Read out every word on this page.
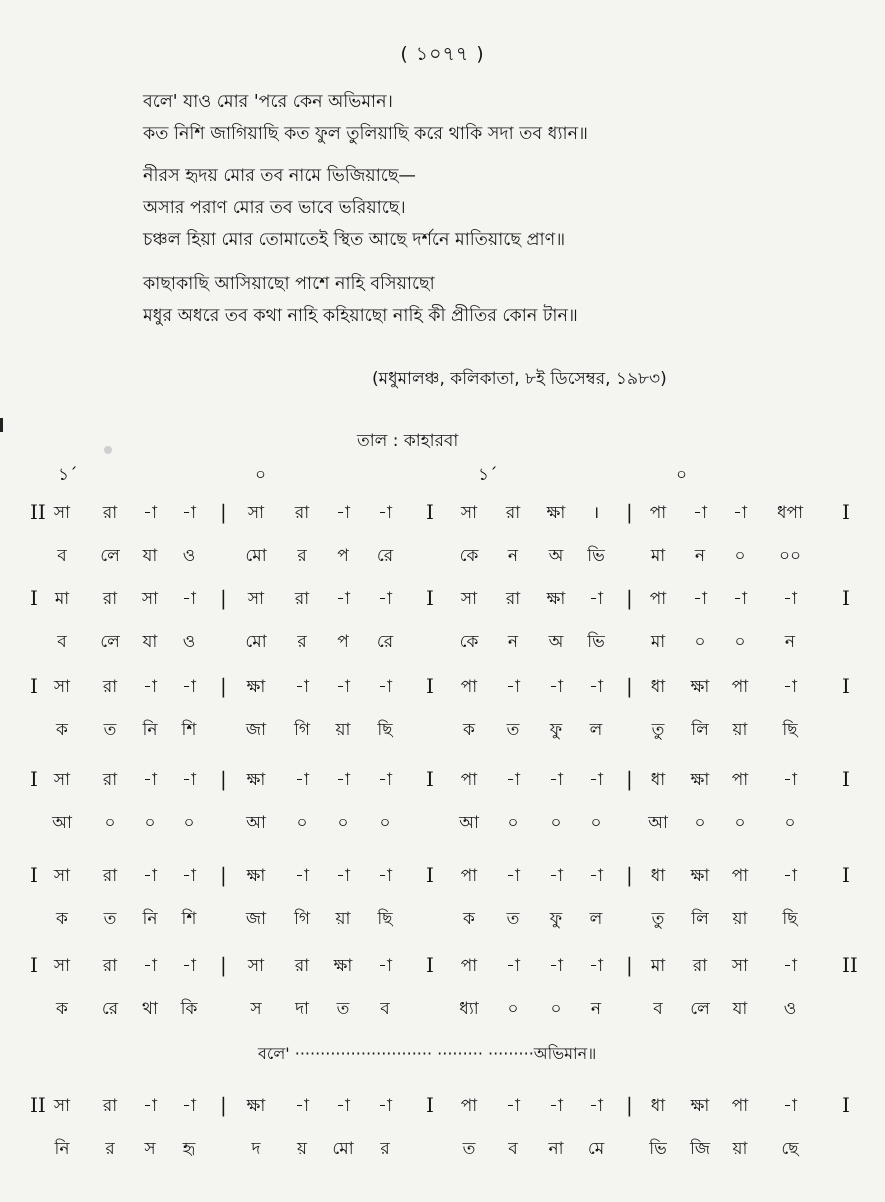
( ১০৭৭ )
বলে' যাও মোর 'পরে কেন অভিমান।
কত নিশি জাগিয়াছি কত ফুল তুলিয়াছি করে থাকি সদা তব ধ্যান॥
নীরস হৃদয় মোর তব নামে ভিজিয়াছে—
অসার পরাণ মোর তব ভাবে ভরিয়াছে।
চঞ্চল হিয়া মোর তোমাতেই স্থিত আছে দর্শনে মাতিয়াছে প্রাণ॥
কাছাকাছি আসিয়াছো পাশে নাহি বসিয়াছো
মধুর অধরে তব কথা নাহি কহিয়াছো নাহি কী প্রীতির কোন টান॥
(মধুমালঞ্চ, কলিকাতা, ৮ই ডিসেম্বর, ১৯৮৩)
তাল : কাহারবা
১´	০	১´	০
II সা	রা	-া	-া	সা	রা	-া	-া	সা	রা	ক্ষা	।	পা	-া	-া	ধপা
|	I	|	I
ব	লে	যা	ও	মো	র	প	রে	কে	ন	অ	ভি	মা	ন	০	০০
I মা	রা	সা	-া	সা	রা	-া	-া	সা	রা	ক্ষা	-া	পা	-া	-া	-া
|	I	|	I
ব	লে	যা	ও	মো	র	প	রে	কে	ন	অ	ভি	মা	০	০	ন
I সা	রা	-া	-া	ক্ষা	-া	-া	-া	পা	-া	-া	-া	ধা	ক্ষা	পা	-া
|	I	|	I
ক	ত	নি	শি	জা	গি	য়া	ছি	ক	ত	ফু	ল	তু	লি	য়া	ছি
I সা	রা	-া	-া	ক্ষা	-া	-া	-া	পা	-া	-া	-া	ধা	ক্ষা	পা	-া
|	I	|	I
আ	০	০	০	আ	০	০	০	আ	০	০	০	আ	০	০	০
I সা	রা	-া	-া	ক্ষা	-া	-া	-া	পা	-া	-া	-া	ধা	ক্ষা	পা	-া
|	I	|	I
ক	ত	নি	শি	জা	গি	য়া	ছি	ক	ত	ফু	ল	তু	লি	য়া	ছি
I সা	রা	-া	-া	সা	রা	ক্ষা	-া	পা	-া	-া	-া	মা	রা	সা	-া
|	I	|	II
ক	রে	থা	কি	স	দা	ত	ব	ধ্যা	০	০	ন	ব	লে	যা	ও
II সা	রা	-া	-া	ক্ষা	-া	-া	-া	পা	-া	-া	-া	ধা	ক্ষা	পা	-া
|	I	|	I
নি	র	স	হৃ	দ	য়	মো	র	ত	ব	না	মে	ভি	জি	য়া	ছে
বলে' ··························· ········· ·········অভিমান॥
